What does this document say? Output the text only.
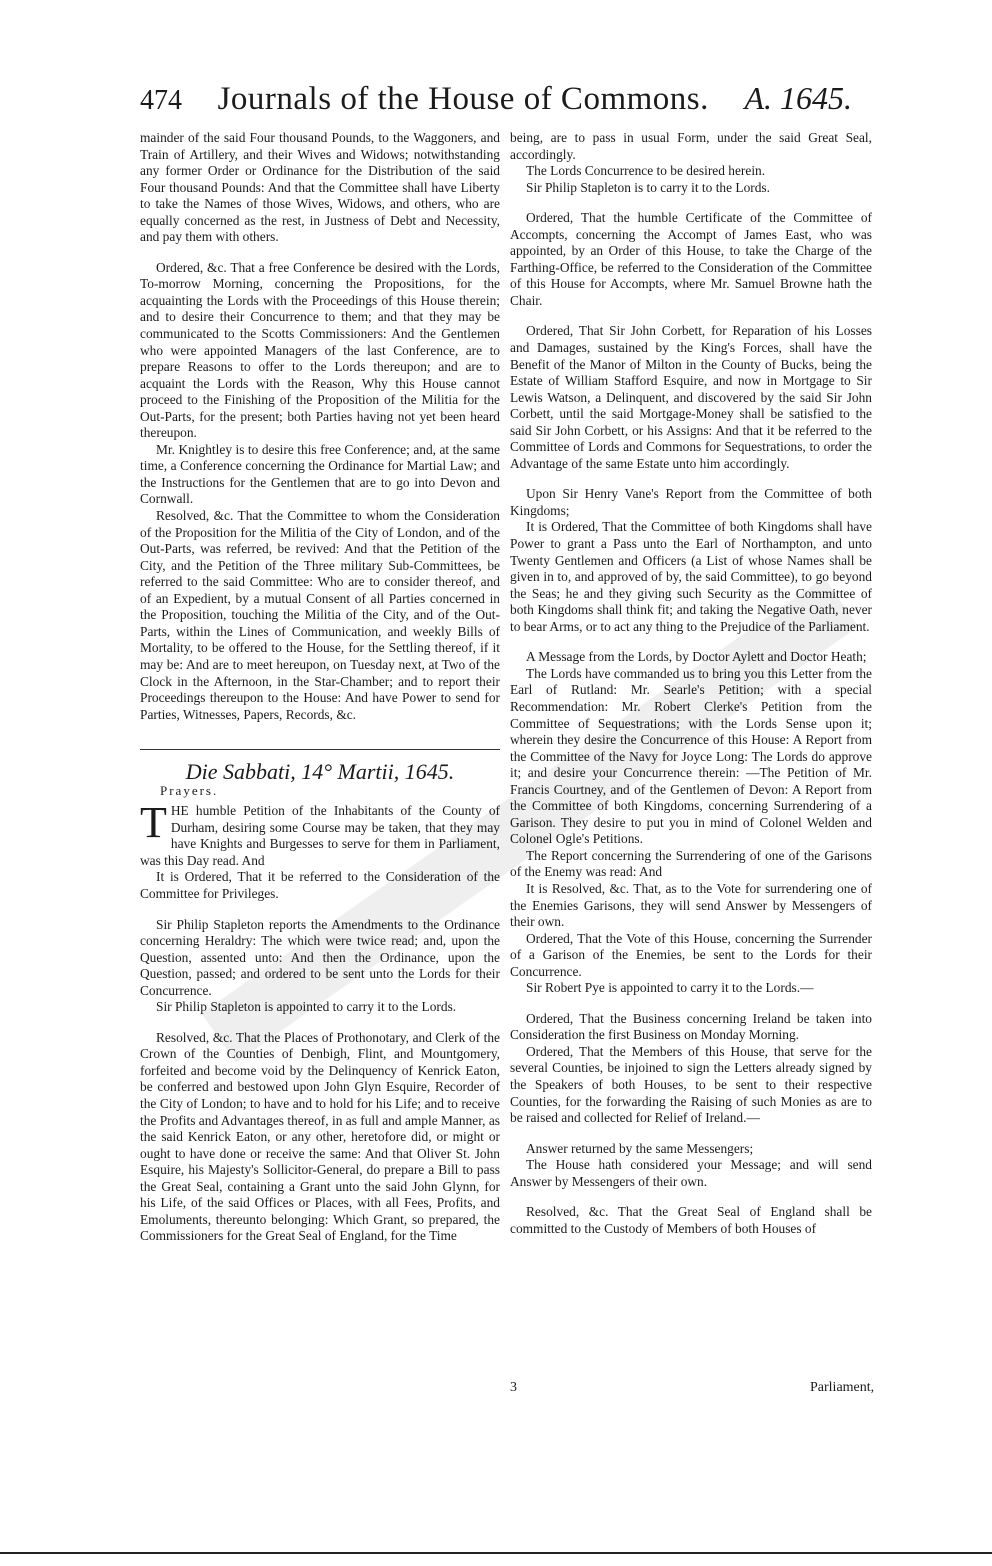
474 Journals of the House of Commons. A. 1645.

mainder of the said Four thousand Pounds, to the Waggoners, and Train of Artillery, and their Wives and Widows; notwithstanding any former Order or Ordinance for the Distribution of the said Four thousand Pounds: And that the Committee shall have Liberty to take the Names of those Wives, Widows, and others, who are equally concerned as the rest, in Justness of Debt and Necessity, and pay them with others.

Ordered, &c. That a free Conference be desired with the Lords, To-morrow Morning, concerning the Propositions, for the acquainting the Lords with the Proceedings of this House therein; and to desire their Concurrence to them; and that they may be communicated to the Scotts Commissioners: And the Gentlemen who were appointed Managers of the last Conference, are to prepare Reasons to offer to the Lords thereupon; and are to acquaint the Lords with the Reason, Why this House cannot proceed to the Finishing of the Proposition of the Militia for the Out-Parts, for the present; both Parties having not yet been heard thereupon.

Mr. Knightley is to desire this free Conference; and, at the same time, a Conference concerning the Ordinance for Martial Law; and the Instructions for the Gentlemen that are to go into Devon and Cornwall.

Resolved, &c. That the Committee to whom the Consideration of the Proposition for the Militia of the City of London, and of the Out-Parts, was referred, be revived: And that the Petition of the City, and the Petition of the Three military Sub-Committees, be referred to the said Committee: Who are to consider thereof, and of an Expedient, by a mutual Consent of all Parties concerned in the Proposition, touching the Militia of the City, and of the Out-Parts, within the Lines of Communication, and weekly Bills of Mortality, to be offered to the House, for the Settling thereof, if it may be: And are to meet hereupon, on Tuesday next, at Two of the Clock in the Afternoon, in the Star-Chamber; and to report their Proceedings thereupon to the House: And have Power to send for Parties, Witnesses, Papers, Records, &c.

Die Sabbati, 14° Martii, 1645.
Prayers.

THE humble Petition of the Inhabitants of the County of Durham, desiring some Course may be taken, that they may have Knights and Burgesses to serve for them in Parliament, was this Day read. And

It is Ordered, That it be referred to the Consideration of the Committee for Privileges.

Sir Philip Stapleton reports the Amendments to the Ordinance concerning Heraldry: The which were twice read; and, upon the Question, assented unto: And then the Ordinance, upon the Question, passed; and ordered to be sent unto the Lords for their Concurrence.

Sir Philip Stapleton is appointed to carry it to the Lords.

Resolved, &c. That the Places of Prothonotary, and Clerk of the Crown of the Counties of Denbigh, Flint, and Mountgomery, forfeited and become void by the Delinquency of Kenrick Eaton, be conferred and bestowed upon John Glyn Esquire, Recorder of the City of London; to have and to hold for his Life; and to receive the Profits and Advantages thereof, in as full and ample Manner, as the said Kenrick Eaton, or any other, heretofore did, or might or ought to have done or receive the same: And that Oliver St. John Esquire, his Majesty's Sollicitor-General, do prepare a Bill to pass the Great Seal, containing a Grant unto the said John Glynn, for his Life, of the said Offices or Places, with all Fees, Profits, and Emoluments, thereunto belonging: Which Grant, so prepared, the Commissioners for the Great Seal of England, for the Time

being, are to pass in usual Form, under the said Great Seal, accordingly.

The Lords Concurrence to be desired herein.

Sir Philip Stapleton is to carry it to the Lords.

Ordered, That the humble Certificate of the Committee of Accompts, concerning the Accompt of James East, who was appointed, by an Order of this House, to take the Charge of the Farthing-Office, be referred to the Consideration of the Committee of this House for Accompts, where Mr. Samuel Browne hath the Chair.

Ordered, That Sir John Corbett, for Reparation of his Losses and Damages, sustained by the King's Forces, shall have the Benefit of the Manor of Milton in the County of Bucks, being the Estate of William Stafford Esquire, and now in Mortgage to Sir Lewis Watson, a Delinquent, and discovered by the said Sir John Corbett, until the said Mortgage-Money shall be satisfied to the said Sir John Corbett, or his Assigns: And that it be referred to the Committee of Lords and Commons for Sequestrations, to order the Advantage of the same Estate unto him accordingly.

Upon Sir Henry Vane's Report from the Committee of both Kingdoms;

It is Ordered, That the Committee of both Kingdoms shall have Power to grant a Pass unto the Earl of Northampton, and unto Twenty Gentlemen and Officers (a List of whose Names shall be given in to, and approved of by, the said Committee), to go beyond the Seas; he and they giving such Security as the Committee of both Kingdoms shall think fit; and taking the Negative Oath, never to bear Arms, or to act any thing to the Prejudice of the Parliament.

A Message from the Lords, by Doctor Aylett and Doctor Heath;

The Lords have commanded us to bring you this Letter from the Earl of Rutland: Mr. Searle's Petition; with a special Recommendation: Mr. Robert Clerke's Petition from the Committee of Sequestrations; with the Lords Sense upon it; wherein they desire the Concurrence of this House: A Report from the Committee of the Navy for Joyce Long: The Lords do approve it; and desire your Concurrence therein: —The Petition of Mr. Francis Courtney, and of the Gentlemen of Devon: A Report from the Committee of both Kingdoms, concerning Surrendering of a Garison. They desire to put you in mind of Colonel Welden and Colonel Ogle's Petitions.

The Report concerning the Surrendering of one of the Garisons of the Enemy was read: And

It is Resolved, &c. That, as to the Vote for surrendering one of the Enemies Garisons, they will send Answer by Messengers of their own.

Ordered, That the Vote of this House, concerning the Surrender of a Garison of the Enemies, be sent to the Lords for their Concurrence.

Sir Robert Pye is appointed to carry it to the Lords.—

Ordered, That the Business concerning Ireland be taken into Consideration the first Business on Monday Morning.

Ordered, That the Members of this House, that serve for the several Counties, be injoined to sign the Letters already signed by the Speakers of both Houses, to be sent to their respective Counties, for the forwarding the Raising of such Monies as are to be raised and collected for Relief of Ireland.—

Answer returned by the same Messengers;

The House hath considered your Message; and will send Answer by Messengers of their own.

Resolved, &c. That the Great Seal of England shall be committed to the Custody of Members of both Houses of

3	Parliament,
